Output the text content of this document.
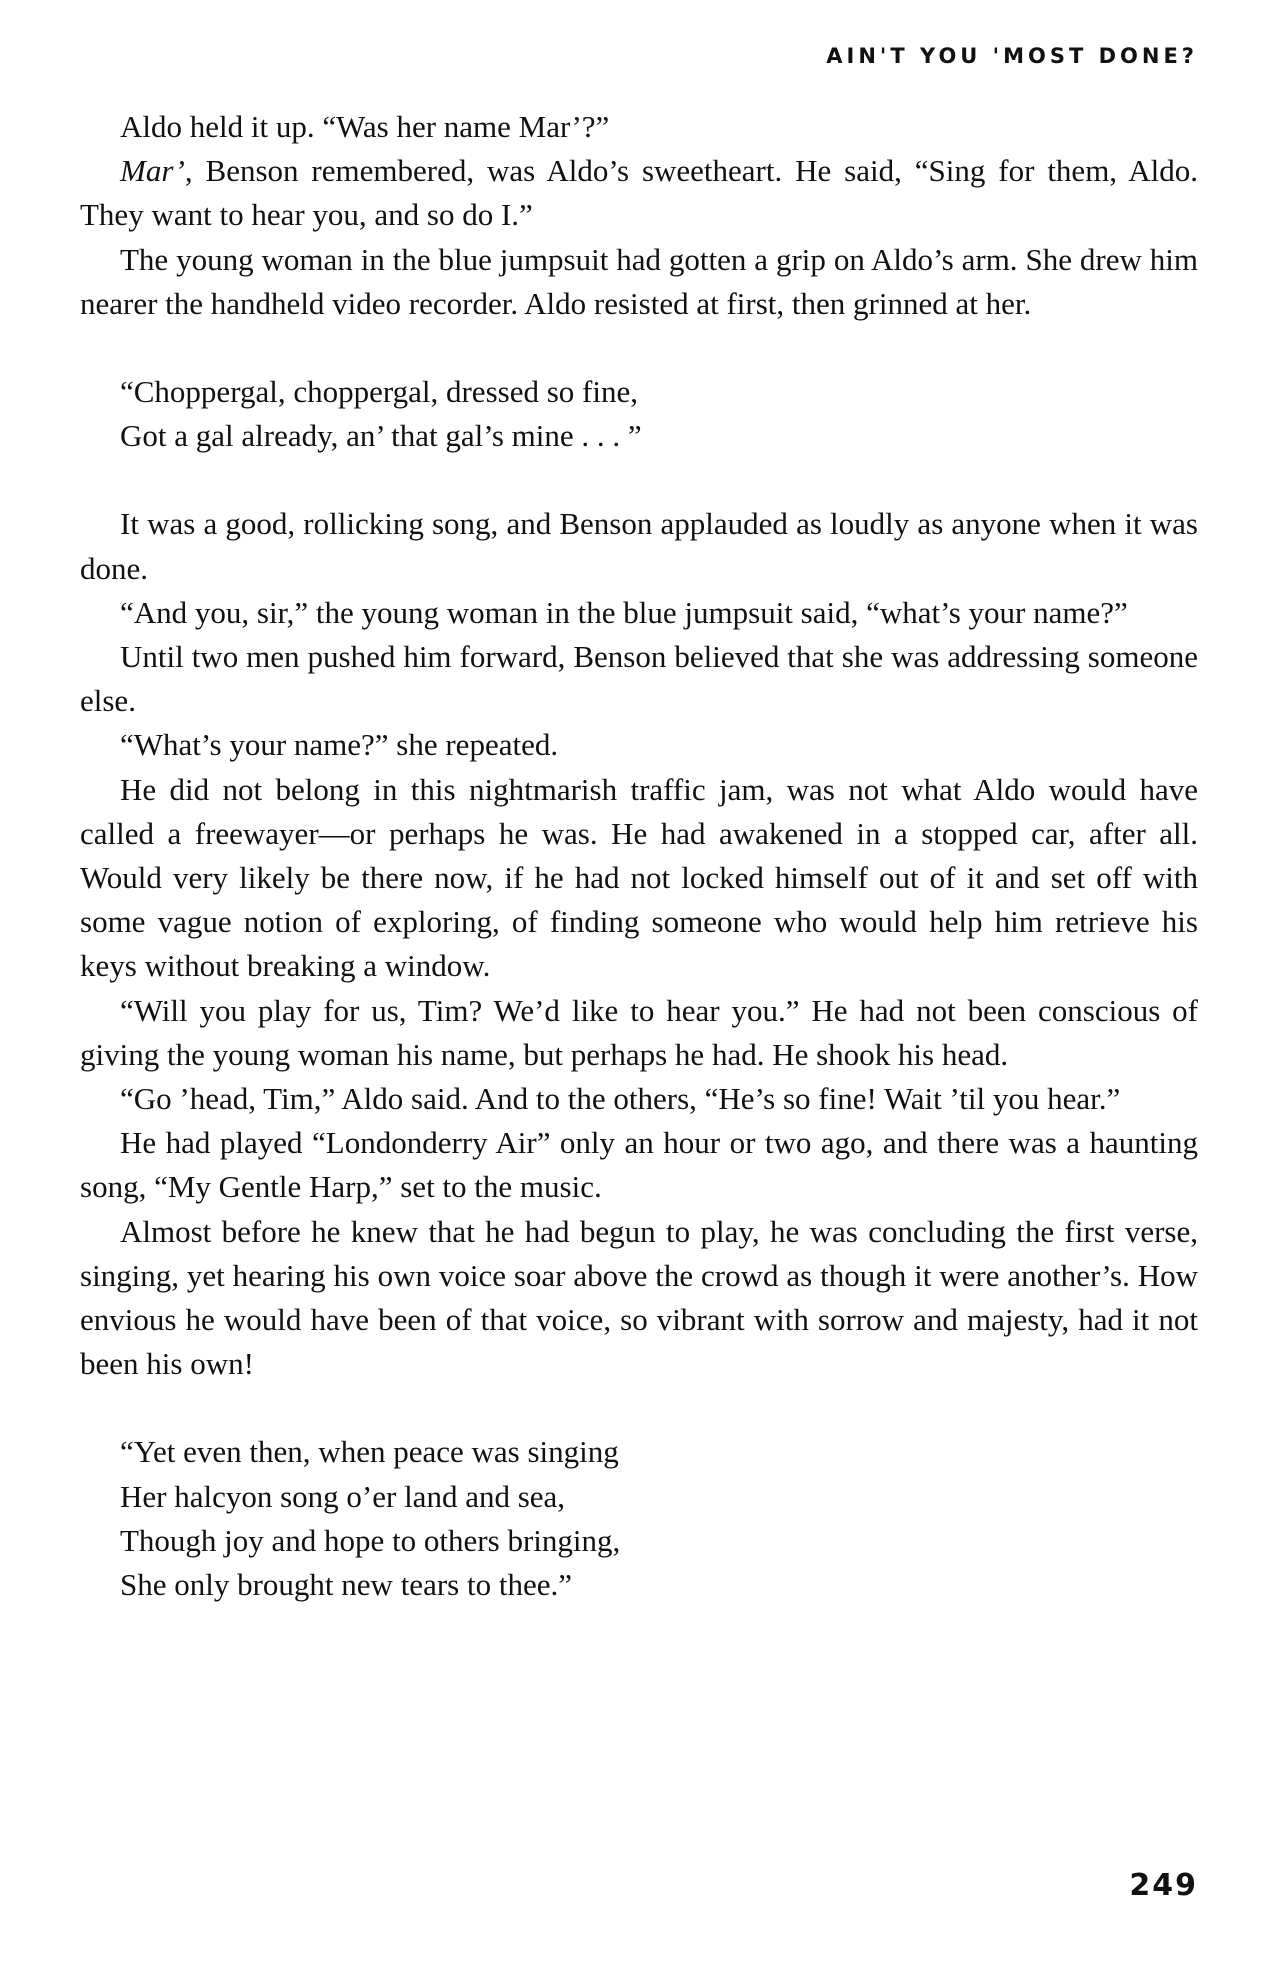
AIN'T YOU 'MOST DONE?

Aldo held it up. “Was her name Mar’?”

Mar’, Benson remembered, was Aldo’s sweetheart. He said, “Sing for them, Aldo. They want to hear you, and so do I.”

The young woman in the blue jumpsuit had gotten a grip on Aldo’s arm. She drew him nearer the handheld video recorder. Aldo resisted at first, then grinned at her.

“Choppergal, choppergal, dressed so fine,
Got a gal already, an’ that gal’s mine . . . ”

It was a good, rollicking song, and Benson applauded as loudly as anyone when it was done.

“And you, sir,” the young woman in the blue jumpsuit said, “what’s your name?”

Until two men pushed him forward, Benson believed that she was addressing someone else.

“What’s your name?” she repeated.

He did not belong in this nightmarish traffic jam, was not what Aldo would have called a freewayer—or perhaps he was. He had awakened in a stopped car, after all. Would very likely be there now, if he had not locked himself out of it and set off with some vague notion of exploring, of finding someone who would help him retrieve his keys without breaking a window.

“Will you play for us, Tim? We’d like to hear you.” He had not been conscious of giving the young woman his name, but perhaps he had. He shook his head.

“Go ’head, Tim,” Aldo said. And to the others, “He’s so fine! Wait ’til you hear.”

He had played “Londonderry Air” only an hour or two ago, and there was a haunting song, “My Gentle Harp,” set to the music.

Almost before he knew that he had begun to play, he was concluding the first verse, singing, yet hearing his own voice soar above the crowd as though it were another’s. How envious he would have been of that voice, so vibrant with sorrow and majesty, had it not been his own!

“Yet even then, when peace was singing
Her halcyon song o’er land and sea,
Though joy and hope to others bringing,
She only brought new tears to thee.”
249
